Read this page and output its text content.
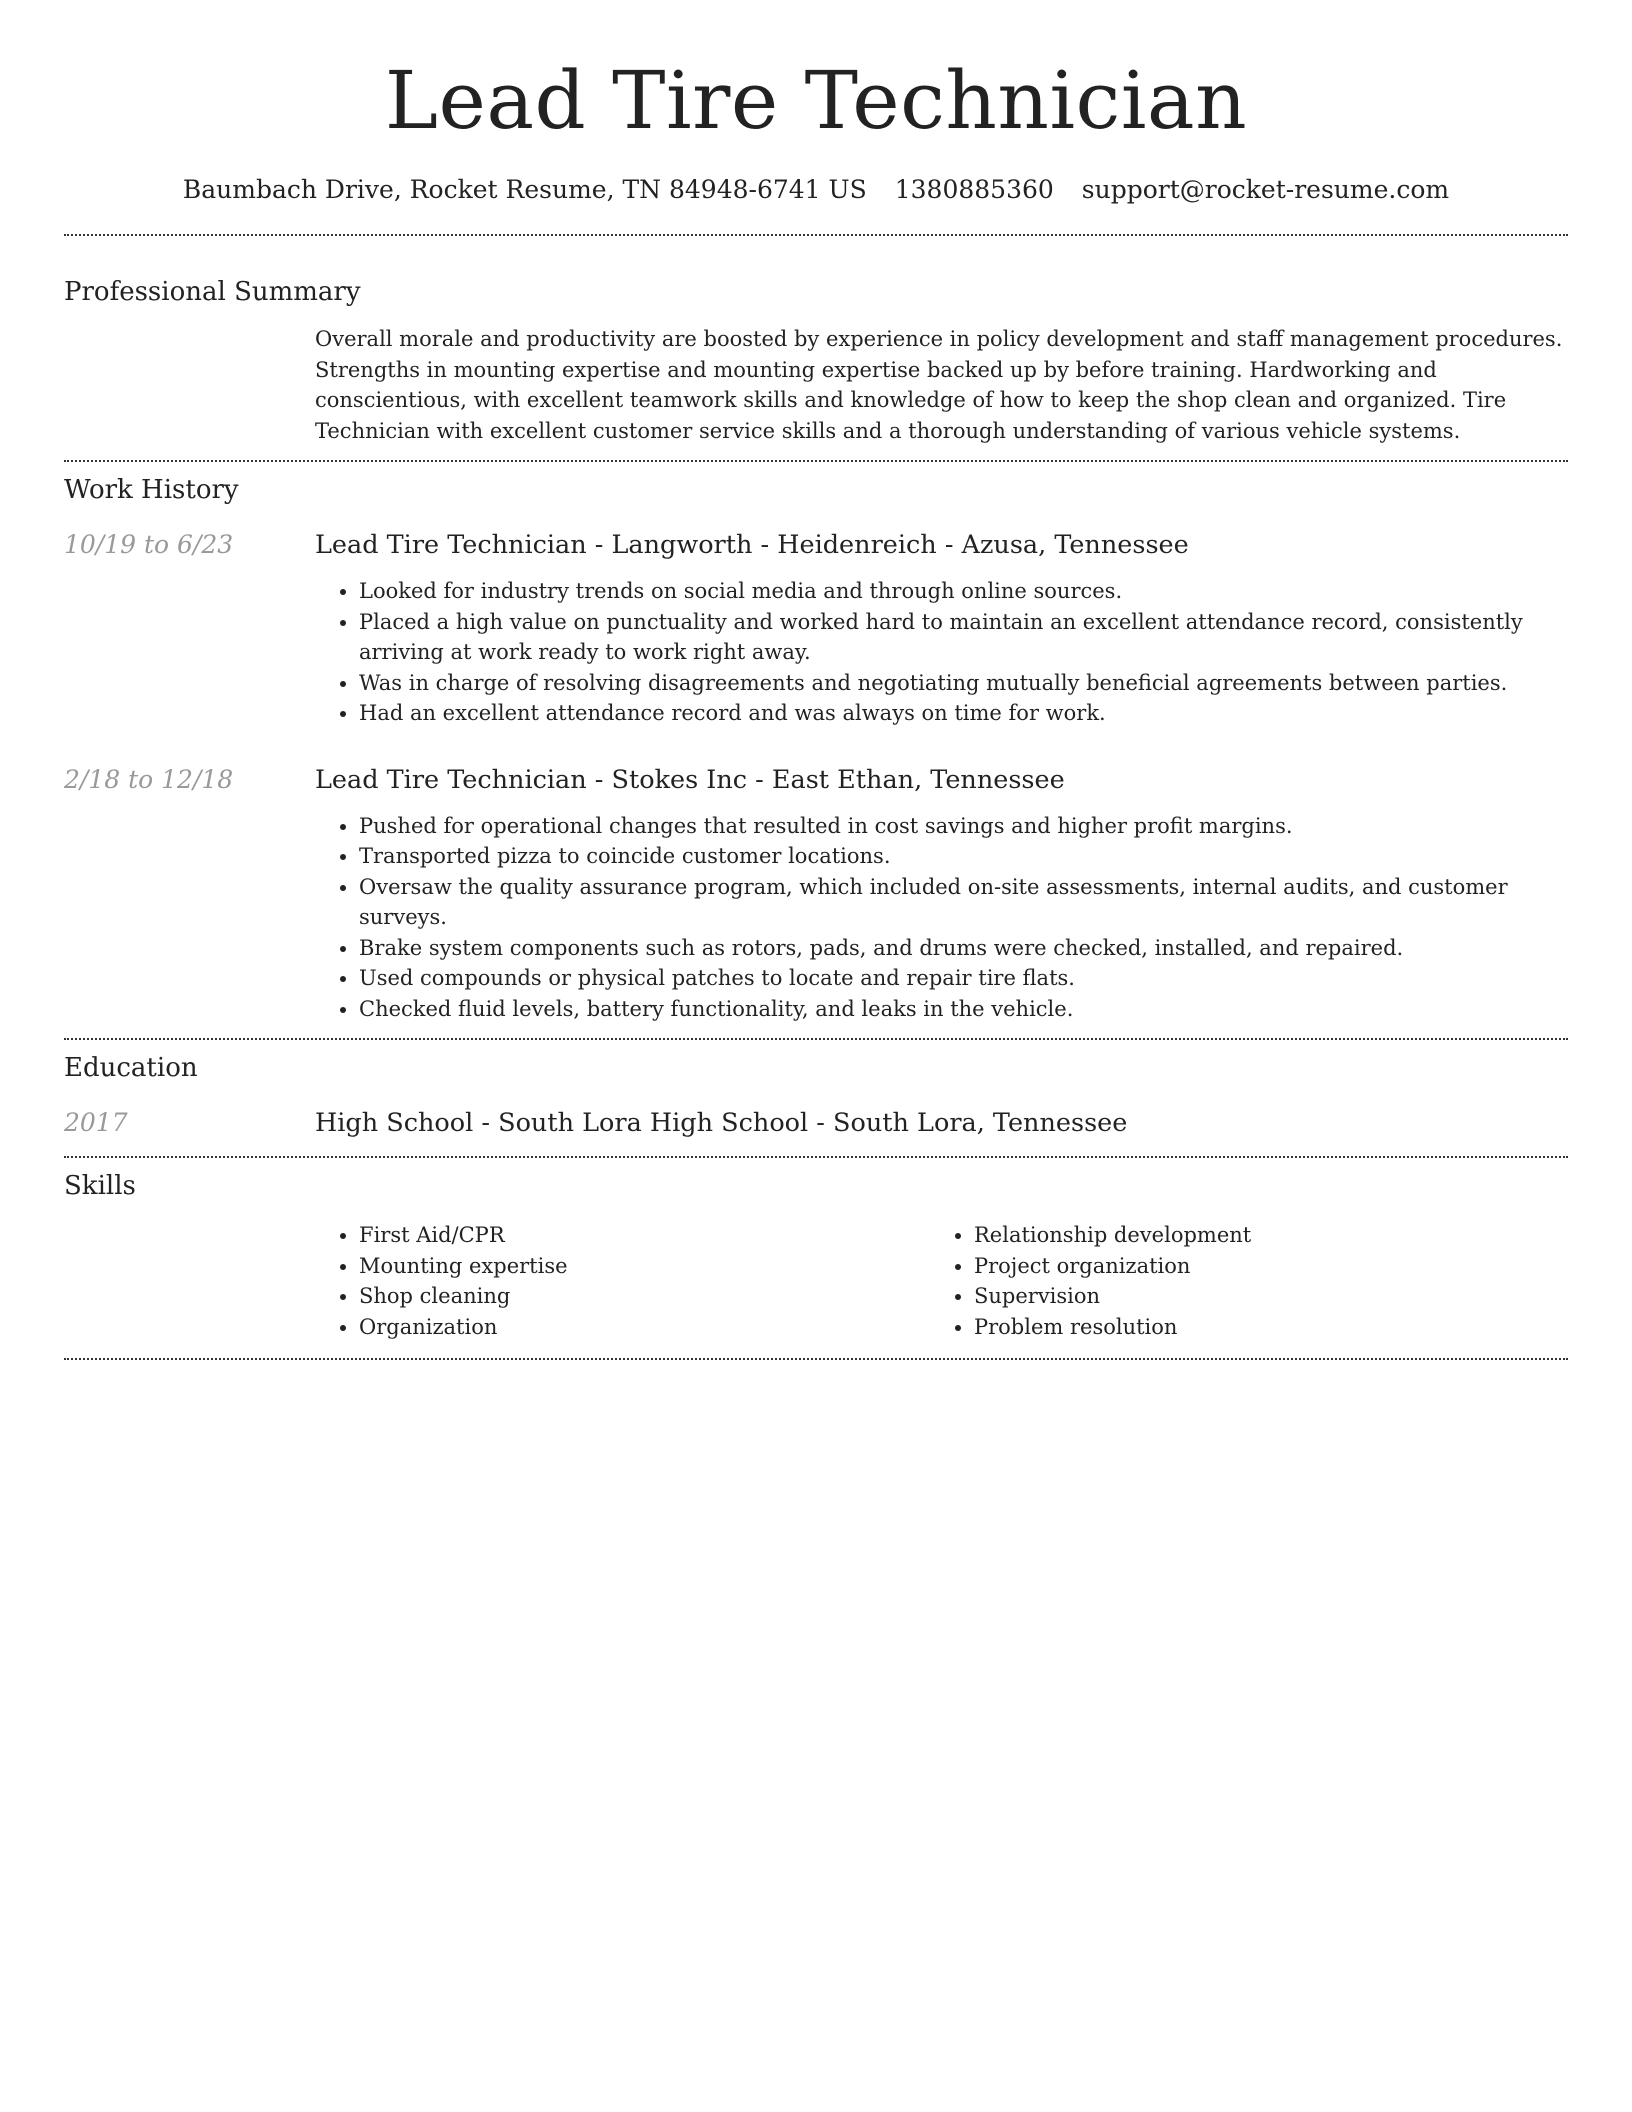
Lead Tire Technician
Baumbach Drive, Rocket Resume, TN 84948-6741 US 1380885360 support@rocket-resume.com
Professional Summary
Overall morale and productivity are boosted by experience in policy development and staff management procedures. Strengths in mounting expertise and mounting expertise backed up by before training. Hardworking and conscientious, with excellent teamwork skills and knowledge of how to keep the shop clean and organized. Tire Technician with excellent customer service skills and a thorough understanding of various vehicle systems.
Work History
10/19 to 6/23	Lead Tire Technician - Langworth - Heidenreich - Azusa, Tennessee
• Looked for industry trends on social media and through online sources.
• Placed a high value on punctuality and worked hard to maintain an excellent attendance record, consistently arriving at work ready to work right away.
• Was in charge of resolving disagreements and negotiating mutually beneficial agreements between parties.
• Had an excellent attendance record and was always on time for work.
2/18 to 12/18	Lead Tire Technician - Stokes Inc - East Ethan, Tennessee
• Pushed for operational changes that resulted in cost savings and higher profit margins.
• Transported pizza to coincide customer locations.
• Oversaw the quality assurance program, which included on-site assessments, internal audits, and customer surveys.
• Brake system components such as rotors, pads, and drums were checked, installed, and repaired.
• Used compounds or physical patches to locate and repair tire flats.
• Checked fluid levels, battery functionality, and leaks in the vehicle.
Education
2017	High School - South Lora High School - South Lora, Tennessee
Skills
• First Aid/CPR
• Mounting expertise
• Shop cleaning
• Organization
• Relationship development
• Project organization
• Supervision
• Problem resolution
